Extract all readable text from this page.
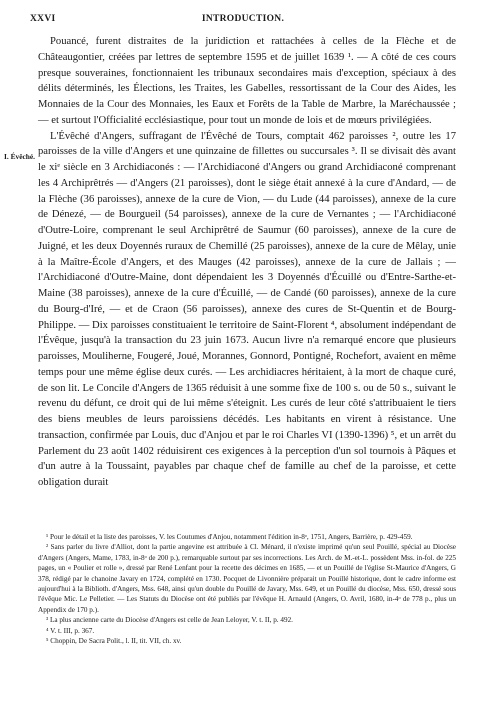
XXVI	INTRODUCTION.
I. Évêché.

Pouancé, furent distraites de la juridiction et rattachées à celles de la Flèche et de Châteaugontier, créées par lettres de septembre 1595 et de juillet 1639 ¹. — A côté de ces cours presque souveraines, fonctionnaient les tribunaux secondaires mais d'exception, spéciaux à des délits déterminés, les Élections, les Traites, les Gabelles, ressortissant de la Cour des Aides, les Monnaies de la Cour des Monnaies, les Eaux et Forêts de la Table de Marbre, la Maréchaussée ; — et surtout l'Officialité ecclésiastique, pour tout un monde de lois et de mœurs privilégiées.

L'Évêché d'Angers, suffragant de l'Évêché de Tours, comptait 462 paroisses ², outre les 17 paroisses de la ville d'Angers et une quinzaine de fillettes ou succursales ³. Il se divisait dès avant le xiᵉ siècle en 3 Archidiaconés : — l'Archidiaconé d'Angers ou grand Archidiaconé comprenant les 4 Archiprêtrés — d'Angers (21 paroisses), dont le siège était annexé à la cure d'Andard, — de la Flèche (36 paroisses), annexe de la cure de Vion, — du Lude (44 paroisses), annexe de la cure de Dénezé, — de Bourgueil (54 paroisses), annexe de la cure de Vernantes ; — l'Archidiaconé d'Outre-Loire, comprenant le seul Archiprêtré de Saumur (60 paroisses), annexe de la cure de Juigné, et les deux Doyennés ruraux de Chemillé (25 paroisses), annexe de la cure de Mêlay, unie à la Maître-École d'Angers, et des Mauges (42 paroisses), annexe de la cure de Jallais ; — l'Archidiaconé d'Outre-Maine, dont dépendaient les 3 Doyennés d'Écuillé ou d'Entre-Sarthe-et-Maine (38 paroisses), annexe de la cure d'Écuillé, — de Candé (60 paroisses), annexe de la cure du Bourg-d'Iré, — et de Craon (56 paroisses), annexe des cures de St-Quentin et de Bourg-Philippe. — Dix paroisses constituaient le territoire de Saint-Florent ⁴, absolument indépendant de l'Évêque, jusqu'à la transaction du 23 juin 1673. Aucun livre n'a remarqué encore que plusieurs paroisses, Mouliherne, Fougeré, Joué, Morannes, Gonnord, Pontigné, Rochefort, avaient en même temps pour une même église deux curés. — Les archidiacres héritaient, à la mort de chaque curé, de son lit. Le Concile d'Angers de 1365 réduisit à une somme fixe de 100 s. ou de 50 s., suivant le revenu du défunt, ce droit qui de lui même s'éteignit. Les curés de leur côté s'attribuaient le tiers des biens meubles de leurs paroissiens décédés. Les habitants en virent à résistance. Une transaction, confirmée par Louis, duc d'Anjou et par le roi Charles VI (1390-1396) ⁵, et un arrêt du Parlement du 23 août 1402 réduisirent ces exigences à la perception d'un sol tournois à Pâques et d'un autre à la Toussaint, payables par chaque chef de famille au chef de la paroisse, et cette obligation durait

¹ Pour le détail et la liste des paroisses, V. les Coutumes d'Anjou, notamment l'édition in-8ᵒ, 1751, Angers, Barrière, p. 429-459.

² Sans parler du livre d'Alliot, dont la partie angevine est attribuée à Cl. Ménard, il n'existe imprimé qu'un seul Pouillé, spécial au Diocèse d'Angers (Angers, Mame, 1783, in-8ᵒ de 200 p.), remarquable surtout par ses incorrections. Les Arch. de M.-et-L. possèdent Mss. in-fol. de 225 pages, un « Poulier et rolle », dressé par René Lenfant pour la recette des décimes en 1685, — et un Pouillé de l'église St-Maurice d'Angers, G 378, rédigé par le chanoine Javary en 1724, complété en 1730. Pocquet de Livonnière préparait un Pouillé historique, dont le cadre informe est aujourd'hui à la Biblioth. d'Angers, Mss. 648, ainsi qu'un double du Pouillé de Javary, Mss. 649, et un Pouillé du diocèse, Mss. 650, dressé sous l'évêque Mic. Le Pelletier. — Les Statuts du Diocèse ont été publiés par l'évêque H. Arnauld (Angers, O. Avril, 1680, in-4ᵒ de 778 p., plus un Appendix de 170 p.).

³ La plus ancienne carte du Diocèse d'Angers est celle de Jean Leloyer, V. t. II, p. 492.

⁴ V. t. III, p. 367.

⁵ Choppin, De Sacra Polit., l. II, tit. VII, ch. xv.
